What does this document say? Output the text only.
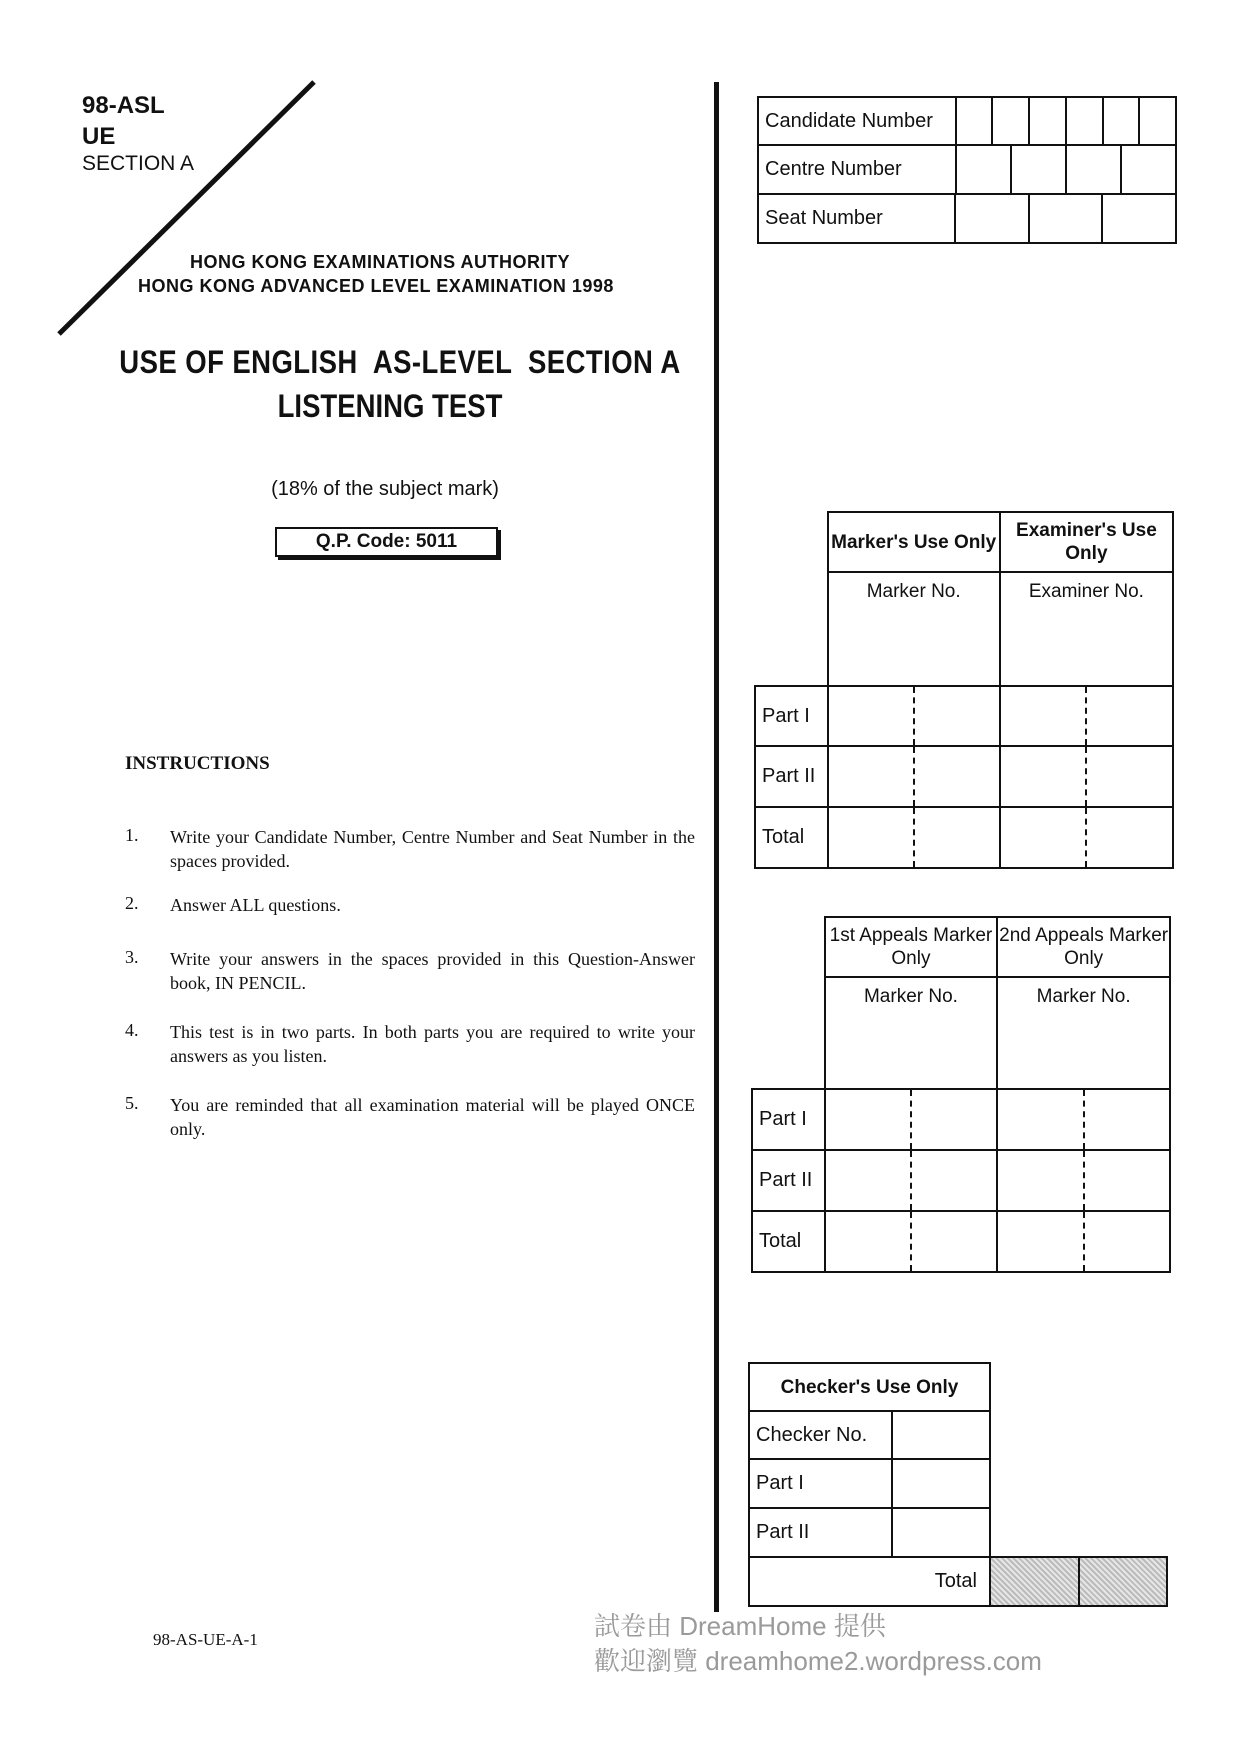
98-ASL
UE
SECTION A
HONG KONG EXAMINATIONS AUTHORITY
HONG KONG ADVANCED LEVEL EXAMINATION 1998
USE OF ENGLISH  AS-LEVEL  SECTION A
LISTENING TEST
(18% of the subject mark)
Q.P. Code: 5011
INSTRUCTIONS
1. Write your Candidate Number, Centre Number and Seat Number in the spaces provided.
2. Answer ALL questions.
3. Write your answers in the spaces provided in this Question-Answer book, IN PENCIL.
4. This test is in two parts. In both parts you are required to write your answers as you listen.
5. You are reminded that all examination material will be played ONCE only.
98-AS-UE-A-1
Candidate Number						
Centre Number				
Seat Number			
	Marker's Use Only		Examiner's Use Only	
	Marker No.		Examiner No.	
Part I				
Part II				
Total				
	1st Appeals Marker Only		2nd Appeals Marker Only	
	Marker No.		Marker No.	
Part I				
Part II				
Total				
Checker's Use Only			
Checker No.			
Part I			
Part II			
Total			
試卷由 DreamHome 提供
歡迎瀏覽 dreamhome2.wordpress.com
